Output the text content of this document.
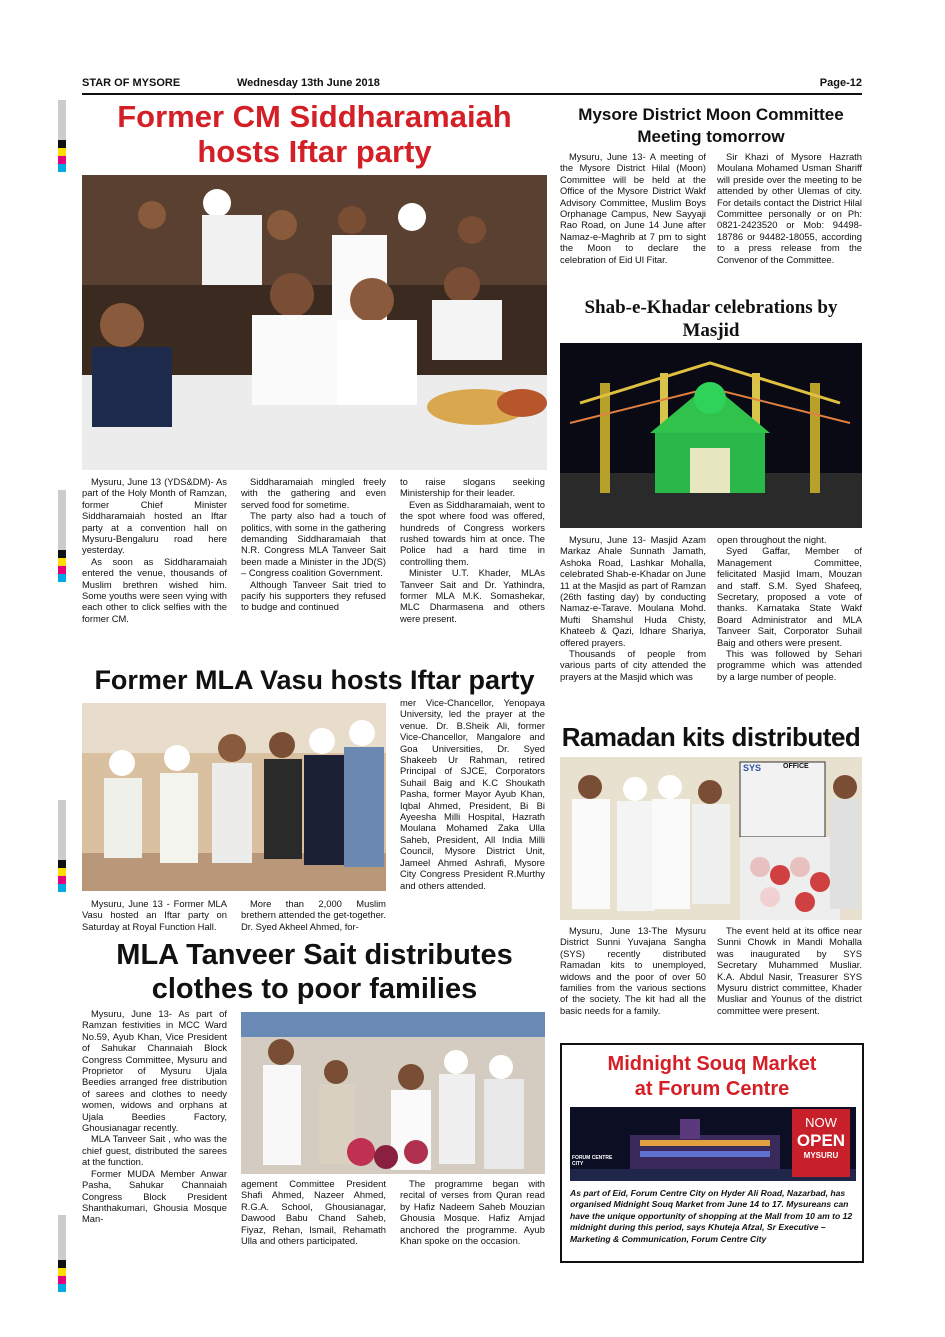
STAR OF MYSORE	Wednesday 13th June 2018	Page-12
Former CM Siddharamaiah
hosts Iftar party

Mysuru, June 13 (YDS&DM)- As part of the Holy Month of Ramzan, former Chief Minister Siddharamaiah hosted an Iftar party at a convention hall on Mysuru-Bengaluru road here yesterday.

As soon as Siddharamaiah entered the venue, thousands of Muslim brethren wished him. Some youths were seen vying with each other to click selfies with the former CM.

Siddharamaiah mingled freely with the gathering and even served food for sometime.

The party also had a touch of politics, with some in the gathering demanding Siddharamaiah that N.R. Congress MLA Tanveer Sait been made a Minister in the JD(S) – Congress coalition Government.

Although Tanveer Sait tried to pacify his supporters they refused to budge and continued

to raise slogans seeking Ministership for their leader.

Even as Siddharamaiah, went to the spot where food was offered, hundreds of Congress workers rushed towards him at once. The Police had a hard time in controlling them.

Minister U.T. Khader, MLAs Tanveer Sait and Dr. Yathindra, former MLA M.K. Somashekar, MLC Dharmasena and others were present.

Mysore District Moon Committee Meeting tomorrow

Mysuru, June 13- A meeting of the Mysore District Hilal (Moon) Committee will be held at the Office of the Mysore District Wakf Advisory Committee, Muslim Boys Orphanage Campus, New Sayyaji Rao Road, on June 14 June after Namaz-e-Maghrib at 7 pm to sight the Moon to declare the celebration of Eid Ul Fitar.

Sir Khazi of Mysore Hazrath Moulana Mohamed Usman Shariff will preside over the meeting to be attended by other Ulemas of city. For details contact the District Hilal Committee personally or on Ph: 0821-2423520 or Mob: 94498-18786 or 94482-18055, according to a press release from the Convenor of the Committee.

Shab-e-Khadar celebrations by Masjid

Mysuru, June 13- Masjid Azam Markaz Ahale Sunnath Jamath, Ashoka Road, Lashkar Mohalla, celebrated Shab-e-Khadar on June 11 at the Masjid as part of Ramzan (26th fasting day) by conducting Namaz-e-Tarave. Moulana Mohd. Mufti Shamshul Huda Chisty, Khateeb & Qazi, Idhare Shariya, offered prayers.

Thousands of people from various parts of city attended the prayers at the Masjid which was

open throughout the night.

Syed Gaffar, Member of Management Committee, felicitated Masjid Imam, Mouzan and staff. S.M. Syed Shafeeq, Secretary, proposed a vote of thanks. Karnataka State Wakf Board Administrator and MLA Tanveer Sait, Corporator Suhail Baig and others were present.

This was followed by Sehari programme which was attended by a large number of people.

Former MLA Vasu hosts Iftar party

Mysuru, June 13 - Former MLA Vasu hosted an Iftar party on Saturday at Royal Function Hall.

More than 2,000 Muslim brethern attended the get-together. Dr. Syed Akheel Ahmed, for-

mer Vice-Chancellor, Yenopaya University, led the prayer at the venue. Dr. B.Sheik Ali, former Vice-Chancellor, Mangalore and Goa Universities, Dr. Syed Shakeeb Ur Rahman, retired Principal of SJCE, Corporators Suhail Baig and K.C Shoukath Pasha, former Mayor Ayub Khan, Iqbal Ahmed, President, Bi Bi Ayeesha Milli Hospital, Hazrath Moulana Mohamed Zaka Ulla Saheb, President, All India Milli Council, Mysore District Unit, Jameel Ahmed Ashrafi, Mysore City Congress President R.Murthy and others attended.

Ramadan kits distributed
SYS	OFFICE

Mysuru, June 13-The Mysuru District Sunni Yuvajana Sangha (SYS) recently distributed Ramadan kits to unemployed, widows and the poor of over 50 families from the various sections of the society. The kit had all the basic needs for a family.

The event held at its office near Sunni Chowk in Mandi Mohalla was inaugurated by SYS Secretary Muhammed Musliar. K.A. Abdul Nasir, Treasurer SYS Mysuru district committee, Khader Musliar and Younus of the district committee were present.

MLA Tanveer Sait distributes
clothes to poor families

Mysuru, June 13- As part of Ramzan festivities in MCC Ward No.59, Ayub Khan, Vice President of Sahukar Channaiah Block Congress Committee, Mysuru and Proprietor of Mysuru Ujala Beedies arranged free distribution of sarees and clothes to needy women, widows and orphans at Ujala Beedies Factory, Ghousianagar recently.

MLA Tanveer Sait , who was the chief guest, distributed the sarees at the function.

Former MUDA Member Anwar Pasha, Sahukar Channaiah Congress Block President Shanthakumari, Ghousia Mosque Man-

agement Committee President Shafi Ahmed, Nazeer Ahmed, R.G.A. School, Ghousianagar, Dawood Babu Chand Saheb, Fiyaz, Rehan, Ismail, Rehamath Ulla and others participated.

The programme began with recital of verses from Quran read by Hafiz Nadeem Saheb Mouzian Ghousia Mosque. Hafiz Amjad anchored the programme. Ayub Khan spoke on the occasion.

Midnight Souq Market
at Forum Centre
FORUM CENTRE CITY
NOW
OPEN
MYSURU
As part of Eid, Forum Centre City on Hyder Ali Road, Nazarbad, has organised Midnight Souq Market from June 14 to 17. Mysureans can have the unique opportunity of shopping at the Mall from 10 am to 12 midnight during this period, says Khuteja Afzal, Sr Executive – Marketing & Communication, Forum Centre City
